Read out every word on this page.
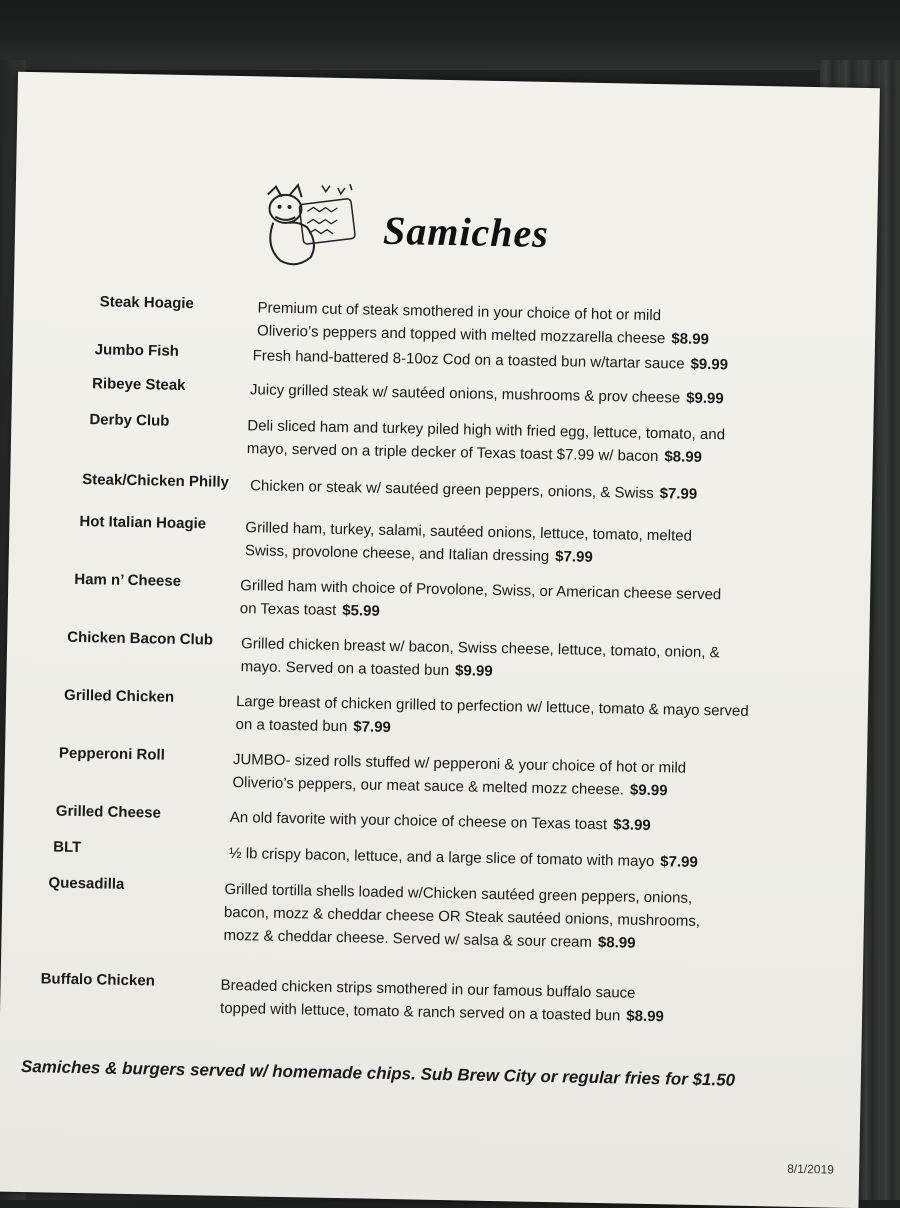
Samiches
Steak Hoagie	Premium cut of steak smothered in your choice of hot or mild
Oliverio’s peppers and topped with melted mozzarella cheese $8.99
Jumbo Fish	Fresh hand-battered 8-10oz Cod on a toasted bun w/tartar sauce $9.99
Ribeye Steak	Juicy grilled steak w/ sautéed onions, mushrooms & prov cheese $9.99
Derby Club	Deli sliced ham and turkey piled high with fried egg, lettuce, tomato, and
mayo, served on a triple decker of Texas toast $7.99 w/ bacon $8.99
Steak/Chicken Philly Chicken or steak w/ sautéed green peppers, onions, & Swiss $7.99
Hot Italian Hoagie	Grilled ham, turkey, salami, sautéed onions, lettuce, tomato, melted
Swiss, provolone cheese, and Italian dressing $7.99
Ham n’ Cheese	Grilled ham with choice of Provolone, Swiss, or American cheese served
on Texas toast $5.99
Chicken Bacon Club Grilled chicken breast w/ bacon, Swiss cheese, lettuce, tomato, onion, &
mayo. Served on a toasted bun $9.99
Grilled Chicken	Large breast of chicken grilled to perfection w/ lettuce, tomato & mayo served
on a toasted bun $7.99
Pepperoni Roll	JUMBO- sized rolls stuffed w/ pepperoni & your choice of hot or mild
Oliverio’s peppers, our meat sauce & melted mozz cheese. $9.99
Grilled Cheese	An old favorite with your choice of cheese on Texas toast $3.99
BLT	½ lb crispy bacon, lettuce, and a large slice of tomato with mayo $7.99
Quesadilla	Grilled tortilla shells loaded w/Chicken sautéed green peppers, onions,
bacon, mozz & cheddar cheese OR Steak sautéed onions, mushrooms,
mozz & cheddar cheese. Served w/ salsa & sour cream $8.99
Buffalo Chicken	Breaded chicken strips smothered in our famous buffalo sauce
topped with lettuce, tomato & ranch served on a toasted bun $8.99
Samiches & burgers served w/ homemade chips. Sub Brew City or regular fries for $1.50
8/1/2019
